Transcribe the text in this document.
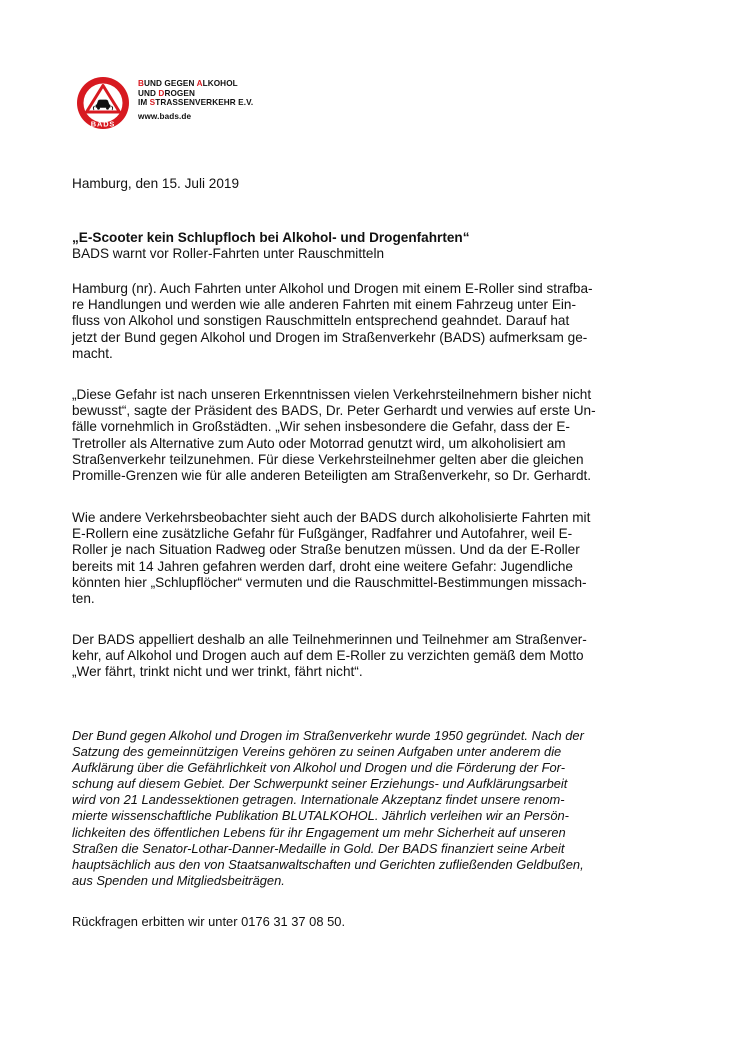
BADS
BUND GEGEN ALKOHOL
UND DROGEN
IM STRASSENVERKEHR E.V.
www.bads.de
Hamburg, den 15. Juli 2019
„E-Scooter kein Schlupfloch bei Alkohol- und Drogenfahrten“
BADS warnt vor Roller-Fahrten unter Rauschmitteln
Hamburg (nr). Auch Fahrten unter Alkohol und Drogen mit einem E-Roller sind strafba-
re Handlungen und werden wie alle anderen Fahrten mit einem Fahrzeug unter Ein-
fluss von Alkohol und sonstigen Rauschmitteln entsprechend geahndet. Darauf hat
jetzt der Bund gegen Alkohol und Drogen im Straßenverkehr (BADS) aufmerksam ge-
macht.
„Diese Gefahr ist nach unseren Erkenntnissen vielen Verkehrsteilnehmern bisher nicht
bewusst“, sagte der Präsident des BADS, Dr. Peter Gerhardt und verwies auf erste Un-
fälle vornehmlich in Großstädten. „Wir sehen insbesondere die Gefahr, dass der E-
Tretroller als Alternative zum Auto oder Motorrad genutzt wird, um alkoholisiert am
Straßenverkehr teilzunehmen. Für diese Verkehrsteilnehmer gelten aber die gleichen
Promille-Grenzen wie für alle anderen Beteiligten am Straßenverkehr, so Dr. Gerhardt.
Wie andere Verkehrsbeobachter sieht auch der BADS durch alkoholisierte Fahrten mit
E-Rollern eine zusätzliche Gefahr für Fußgänger, Radfahrer und Autofahrer, weil E-
Roller je nach Situation Radweg oder Straße benutzen müssen. Und da der E-Roller
bereits mit 14 Jahren gefahren werden darf, droht eine weitere Gefahr: Jugendliche
könnten hier „Schlupflöcher“ vermuten und die Rauschmittel-Bestimmungen missach-
ten.
Der BADS appelliert deshalb an alle Teilnehmerinnen und Teilnehmer am Straßenver-
kehr, auf Alkohol und Drogen auch auf dem E-Roller zu verzichten gemäß dem Motto
„Wer fährt, trinkt nicht und wer trinkt, fährt nicht“.
Der Bund gegen Alkohol und Drogen im Straßenverkehr wurde 1950 gegründet. Nach der
Satzung des gemeinnützigen Vereins gehören zu seinen Aufgaben unter anderem die
Aufklärung über die Gefährlichkeit von Alkohol und Drogen und die Förderung der For-
schung auf diesem Gebiet. Der Schwerpunkt seiner Erziehungs- und Aufklärungsarbeit
wird von 21 Landessektionen getragen. Internationale Akzeptanz findet unsere renom-
mierte wissenschaftliche Publikation BLUTALKOHOL. Jährlich verleihen wir an Persön-
lichkeiten des öffentlichen Lebens für ihr Engagement um mehr Sicherheit auf unseren
Straßen die Senator-Lothar-Danner-Medaille in Gold. Der BADS finanziert seine Arbeit
hauptsächlich aus den von Staatsanwaltschaften und Gerichten zufließenden Geldbußen,
aus Spenden und Mitgliedsbeiträgen.
Rückfragen erbitten wir unter 0176 31 37 08 50.
